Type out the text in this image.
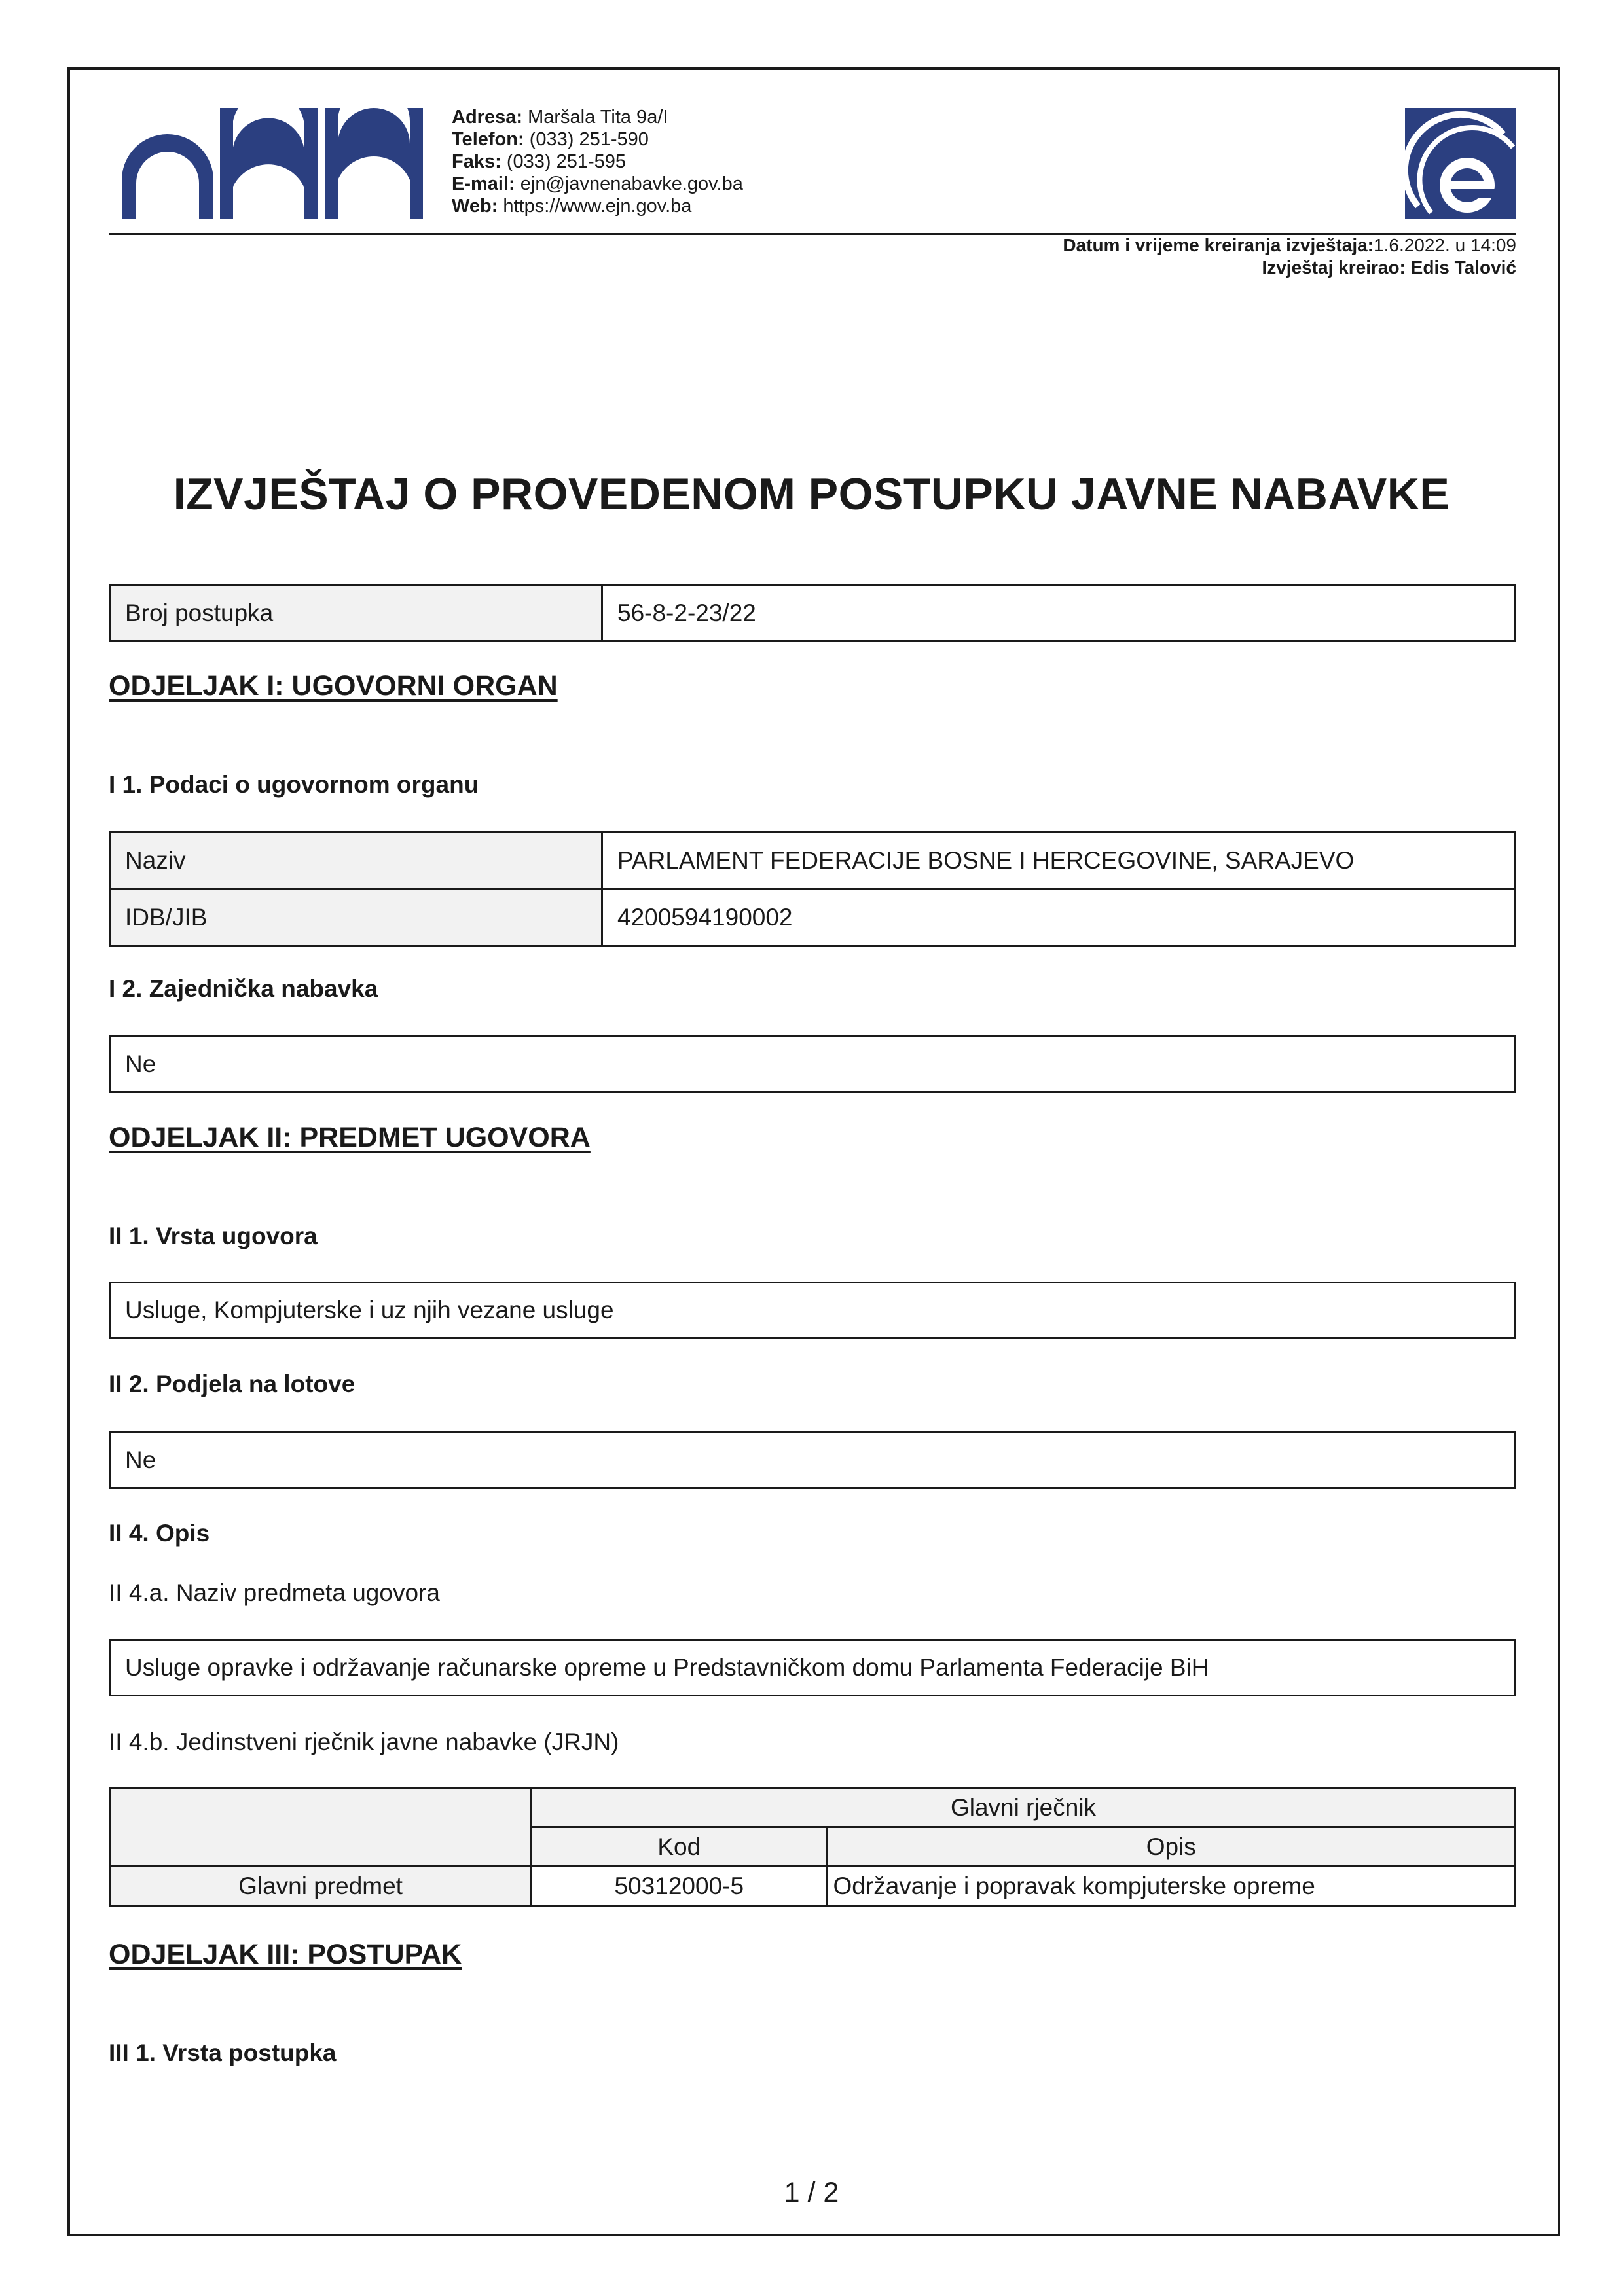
Adresa: Maršala Tita 9a/I
Telefon: (033) 251-590
Faks: (033) 251-595
E-mail: ejn@javnenabavke.gov.ba
Web: https://www.ejn.gov.ba
Datum i vrijeme kreiranja izvještaja:1.6.2022. u 14:09
Izvještaj kreirao: Edis Talović
IZVJEŠTAJ O PROVEDENOM POSTUPKU JAVNE NABAVKE
Broj postupka	56-8-2-23/22
ODJELJAK I: UGOVORNI ORGAN
I 1. Podaci o ugovornom organu
Naziv	PARLAMENT FEDERACIJE BOSNE I HERCEGOVINE, SARAJEVO
IDB/JIB	4200594190002
I 2. Zajednička nabavka
Ne
ODJELJAK II: PREDMET UGOVORA
II 1. Vrsta ugovora
Usluge, Kompjuterske i uz njih vezane usluge
II 2. Podjela na lotove
Ne
II 4. Opis
II 4.a. Naziv predmeta ugovora
Usluge opravke i održavanje računarske opreme u Predstavničkom domu Parlamenta Federacije BiH
II 4.b. Jedinstveni rječnik javne nabavke (JRJN)
	Glavni rječnik	
	Kod	Opis
Glavni predmet	50312000-5	Održavanje i popravak kompjuterske opreme
ODJELJAK III: POSTUPAK
III 1. Vrsta postupka
1 / 2
